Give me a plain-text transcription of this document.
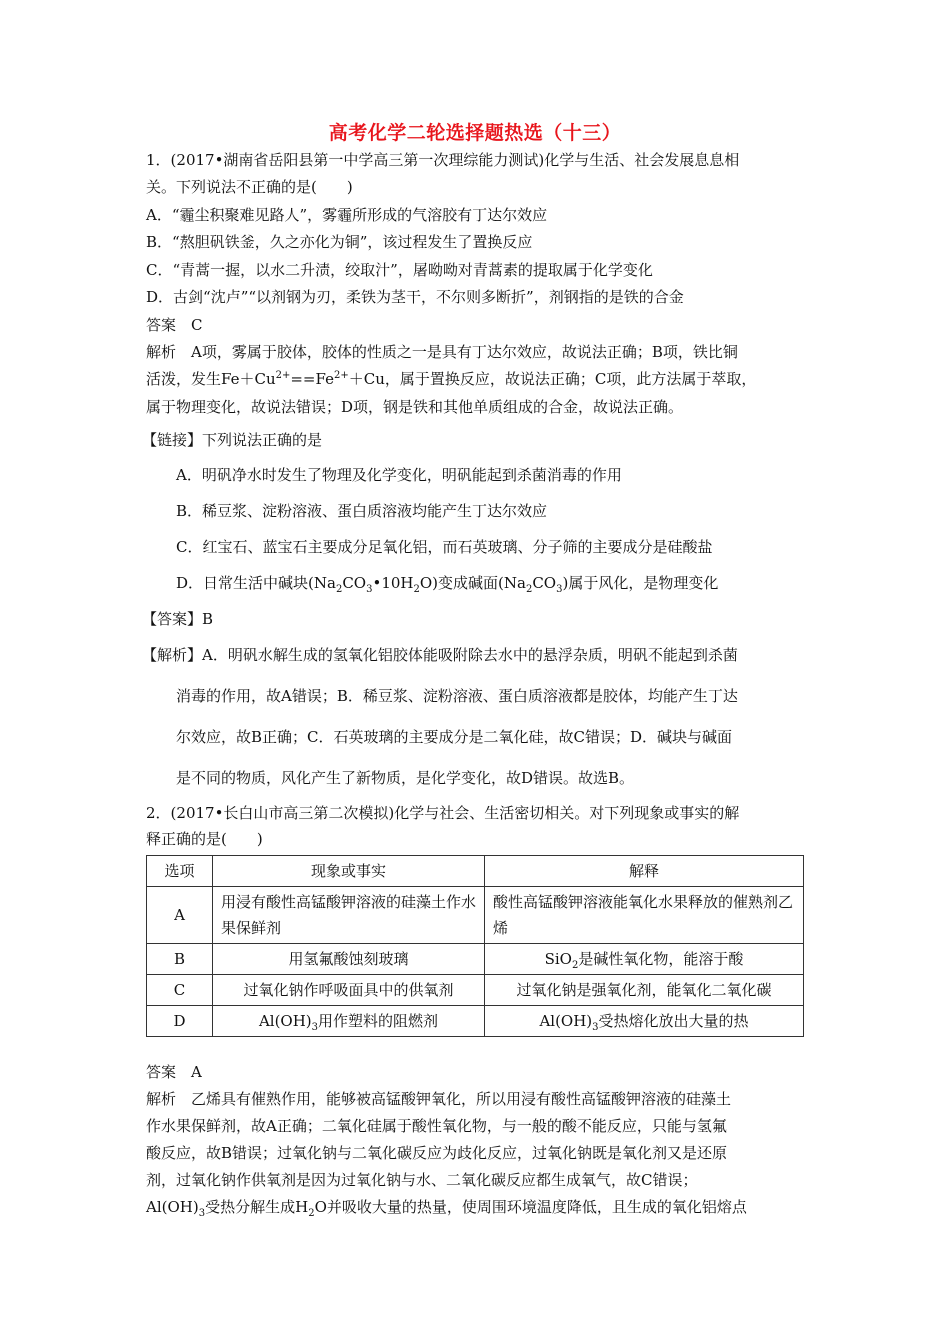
高考化学二轮选择题热选（十三）
1．(2017•湖南省岳阳县第一中学高三第一次理综能力测试)化学与生活、社会发展息息相
关。下列说法不正确的是(　　)
A．“霾尘积聚难见路人”，雾霾所形成的气溶胶有丁达尔效应
B．“熬胆矾铁釜，久之亦化为铜”，该过程发生了置换反应
C．“青蒿一握，以水二升渍，绞取汁”，屠呦呦对青蒿素的提取属于化学变化
D．古剑“沈卢”“以剂钢为刃，柔铁为茎干，不尔则多断折”，剂钢指的是铁的合金
答案　C
解析　A项，雾属于胶体，胶体的性质之一是具有丁达尔效应，故说法正确；B项，铁比铜
活泼，发生$Fe+Cu^{2+}==Fe^{2+}+Cu$，属于置换反应，故说法正确；C项，此方法属于萃取，
属于物理变化，故说法错误；D项，钢是铁和其他单质组成的合金，故说法正确。
【链接】下列说法正确的是
A．明矾净水时发生了物理及化学变化，明矾能起到杀菌消毒的作用
B．稀豆浆、淀粉溶液、蛋白质溶液均能产生丁达尔效应
C．红宝石、蓝宝石主要成分足氧化铝，而石英玻璃、分子筛的主要成分是硅酸盐
D．日常生活中碱块$(Na_2CO_3•10H_2O)$变成碱面$(Na_2CO_3)$属于风化，是物理变化
【答案】B
【解析】A．明矾水解生成的氢氧化铝胶体能吸附除去水中的悬浮杂质，明矾不能起到杀菌
消毒的作用，故A错误；B．稀豆浆、淀粉溶液、蛋白质溶液都是胶体，均能产生丁达
尔效应，故B正确；C．石英玻璃的主要成分是二氧化硅，故C错误；D．碱块与碱面
是不同的物质，风化产生了新物质，是化学变化，故D错误。故选B。
2．(2017•长白山市高三第二次模拟)化学与社会、生活密切相关。对下列现象或事实的解
释正确的是(　　)
选项	现象或事实	解释
A	用浸有酸性高锰酸钾溶液的硅藻土作水果保鲜剂	酸性高锰酸钾溶液能氧化水果释放的催熟剂乙烯
B	用氢氟酸蚀刻玻璃	SiO$_2$是碱性氧化物，能溶于酸
C	过氧化钠作呼吸面具中的供氧剂	过氧化钠是强氧化剂，能氧化二氧化碳
D	$Al(OH)_3$用作塑料的阻燃剂	$Al(OH)_3$受热熔化放出大量的热
答案　A
解析　乙烯具有催熟作用，能够被高锰酸钾氧化，所以用浸有酸性高锰酸钾溶液的硅藻土
作水果保鲜剂，故A正确；二氧化硅属于酸性氧化物，与一般的酸不能反应，只能与氢氟
酸反应，故B错误；过氧化钠与二氧化碳反应为歧化反应，过氧化钠既是氧化剂又是还原
剂，过氧化钠作供氧剂是因为过氧化钠与水、二氧化碳反应都生成氧气，故C错误；
$Al(OH)_3$受热分解生成$H_2O$并吸收大量的热量，使周围环境温度降低，且生成的氧化铝熔点
